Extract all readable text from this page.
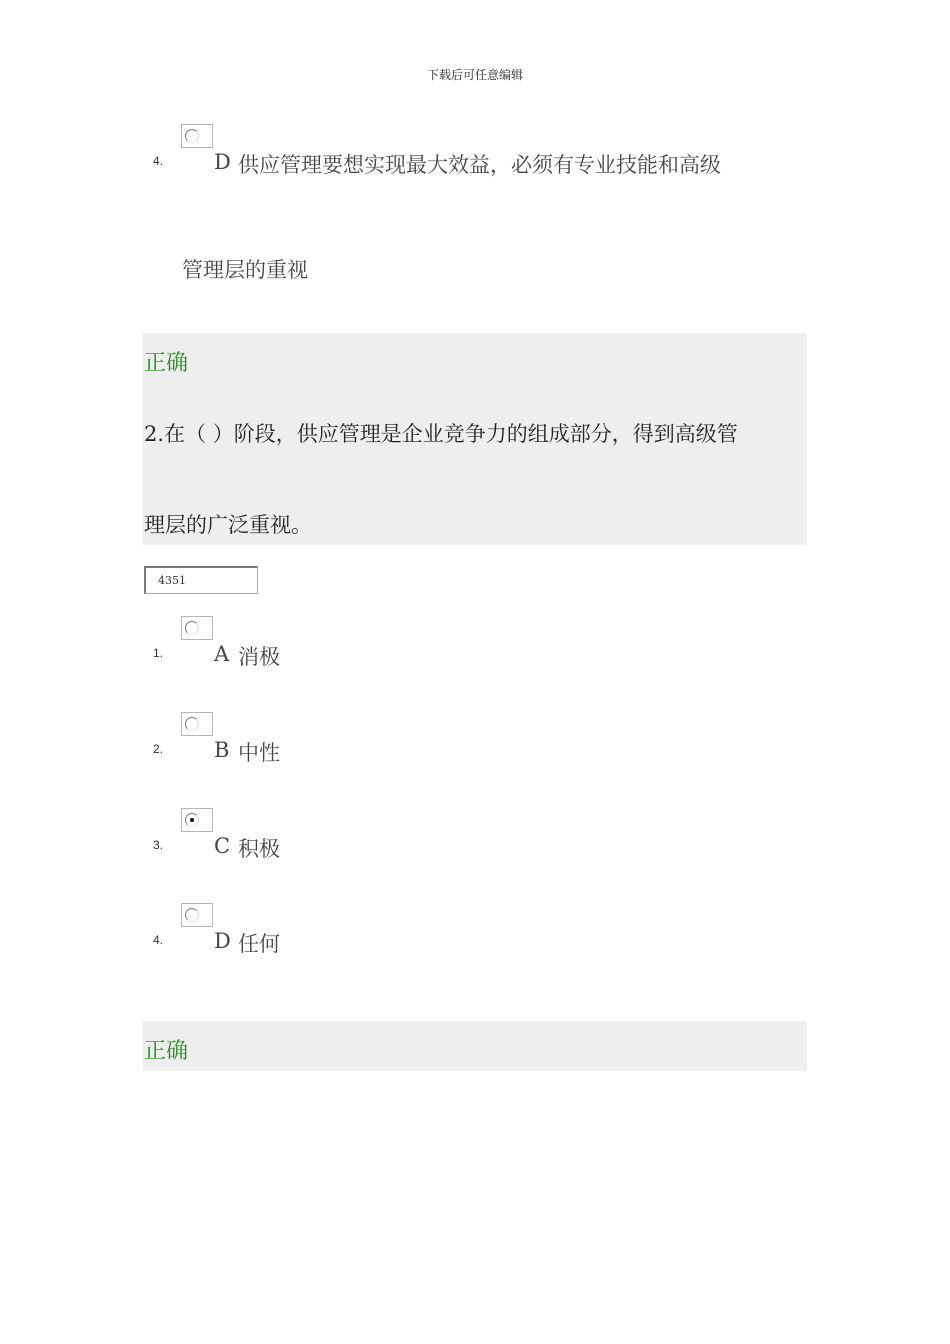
下载后可任意编辑
4. D 供应管理要想实现最大效益，必须有专业技能和高级
管理层的重视
正确
2.在（ ）阶段，供应管理是企业竞争力的组成部分，得到高级管
理层的广泛重视。
4351
1. A 消极
2. B 中性
3. C 积极
4. D 任何
正确
